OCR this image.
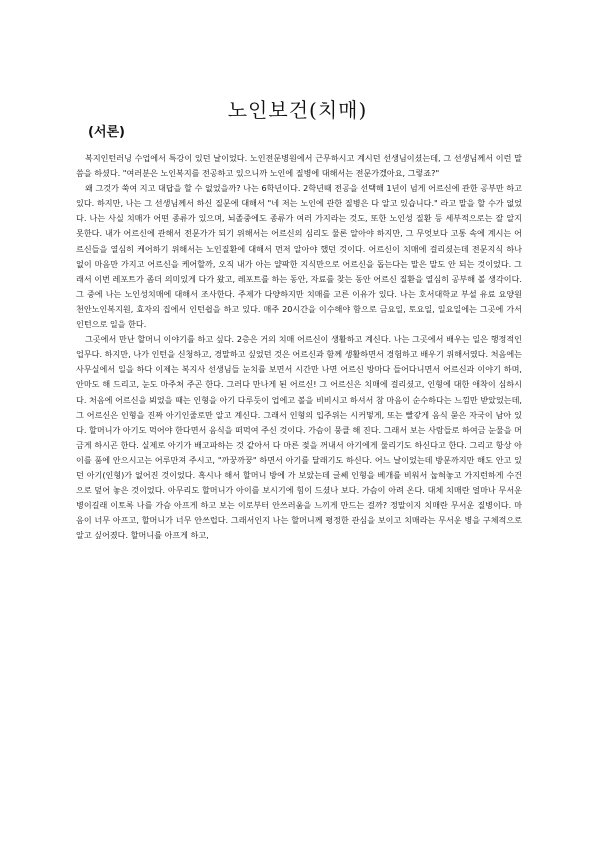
노인보건(치매)
(서론)

복지인턴러닝 수업에서 특강이 있던 날이었다. 노인전문병원에서 근무하시고 계시던 선생님이셨는데, 그 선생님께서 이런 말씀을 하셨다. "여러분은 노인복지를 전공하고 있으니까 노인에 질병에 대해서는 전문가겠아요, 그렇죠?"

왜 그것가 쑥여 지고 대답을 할 수 없었을까? 나는 6학년이다. 2학년때 전공을 선택해 1년이 넘게 어르신에 관한 공부만 하고 있다. 하지만, 나는 그 선생님께서 하신 질문에 대해서 "네 저는 노인에 관한 질병은 다 알고 있습니다." 라고 말을 할 수가 없었다. 나는 사실 치매가 어떤 종류가 있으며, 뇌졸중에도 종류가 여러 가지라는 것도, 또한 노인성 질환 등 세부적으로는 잘 알지 못한다. 내가 어르신에 관해서 전문가가 되기 위해서는 어르신의 심리도 물론 알아야 하지만, 그 무엇보다 고통 속에 계시는 어르신들을 열심히 케어하기 위해서는 노인질환에 대해서 먼저 알아야 했던 것이다. 어르신이 치매에 걸리셨는데 전문지식 하나 없이 마음만 가지고 어르신을 케어할까, 오직 내가 아는 얄팍한 지식만으로 어르신을 돕는다는 말은 말도 안 되는 것이었다. 그래서 이번 레포트가 좀더 의미있게 다가 왔고, 레포트를 하는 동안, 자료를 찾는 동안 어르신 질환을 열심히 공부해 볼 생각이다. 그 중에 나는 노인성치매에 대해서 조사한다. 주제가 다양하지만 치매를 고른 이유가 있다. 나는 호서대학교 부설 유료 요양원 천안노인복지원, 효자의 집에서 인턴쉽을 하고 있다. 매주 20시간을 이수해야 함으로 금요일, 토요일, 일요일에는 그곳에 가서 인턴으로 일을 한다.

그곳에서 만난 할머니 이야기를 하고 싶다. 2층은 거의 치매 어르신이 생활하고 계신다. 나는 그곳에서 배우는 일은 행정적인 업무다. 하지만, 나가 인턴을 신청하고, 경말하고 싶었던 것은 어르신과 함께 생활하면서 경험하고 배우기 위해서였다. 처음에는 사무실에서 일을 하다 이제는 복지사 선생님들 눈치를 보면서 시간만 나면 어르신 방마다 들어다니면서 어르신과 이야기 하며, 안마도 해 드리고, 눈도 마주쳐 주곤 한다. 그러다 만나게 된 어르신! 그 어르신은 치매에 걸리셨고, 인형에 대한 애착이 심하시다. 처음에 어르신을 뵈었을 때는 인형을 아기 다루듯이 업에고 볼을 비비시고 하셔서 참 마음이 순수하다는 느낌만 받았었는데, 그 어르신은 인형을 진짜 아기인줄로만 알고 계신다. 그래서 인형의 입주위는 시커멓게, 또는 빨갛게 음식 묻은 자국이 남아 있다. 할머니가 아기도 먹어야 한다면서 음식을 떠먹여 주신 것이다. 가슴이 뭉클 해 진다. 그래서 보는 사람들로 하여금 눈물을 머금게 하시곤 한다. 실제로 아기가 배고파하는 것 같아서 다 마른 젖을 꺼내서 아기에게 물리기도 하신다고 한다. 그리고 항상 아이를 품에 안으시고는 어루만져 주시고, "까꿍까꿍" 하면서 아기를 달래기도 하신다. 어느 날이었는데 방문까지만 해도 안고 있던 아기(인형)가 없어진 것이었다. 혹시나 해서 할머니 방에 가 보았는데 글쎄 인형을 베개를 비워서 눕혀놓고 가지런하게 수건으로 덮어 놓은 것이었다. 아무리도 할머니가 아이를 보시기에 힘이 드셨나 보다. 가슴이 아려 온다. 대체 치매란 얼마나 무서운 병이길래 이토록 나를 가슴 아프게 하고 보는 이로부터 안쓰러움을 느끼게 만드는 걸까? 정말이지 치매란 무서운 질병이다. 마음이 너무 아프고, 할머니가 너무 안쓰럽다. 그래서인지 나는 할머니께 평정한 관심을 보이고 치매라는 무서운 병을 구체적으로 알고 싶어졌다. 할머니를 아프게 하고,
